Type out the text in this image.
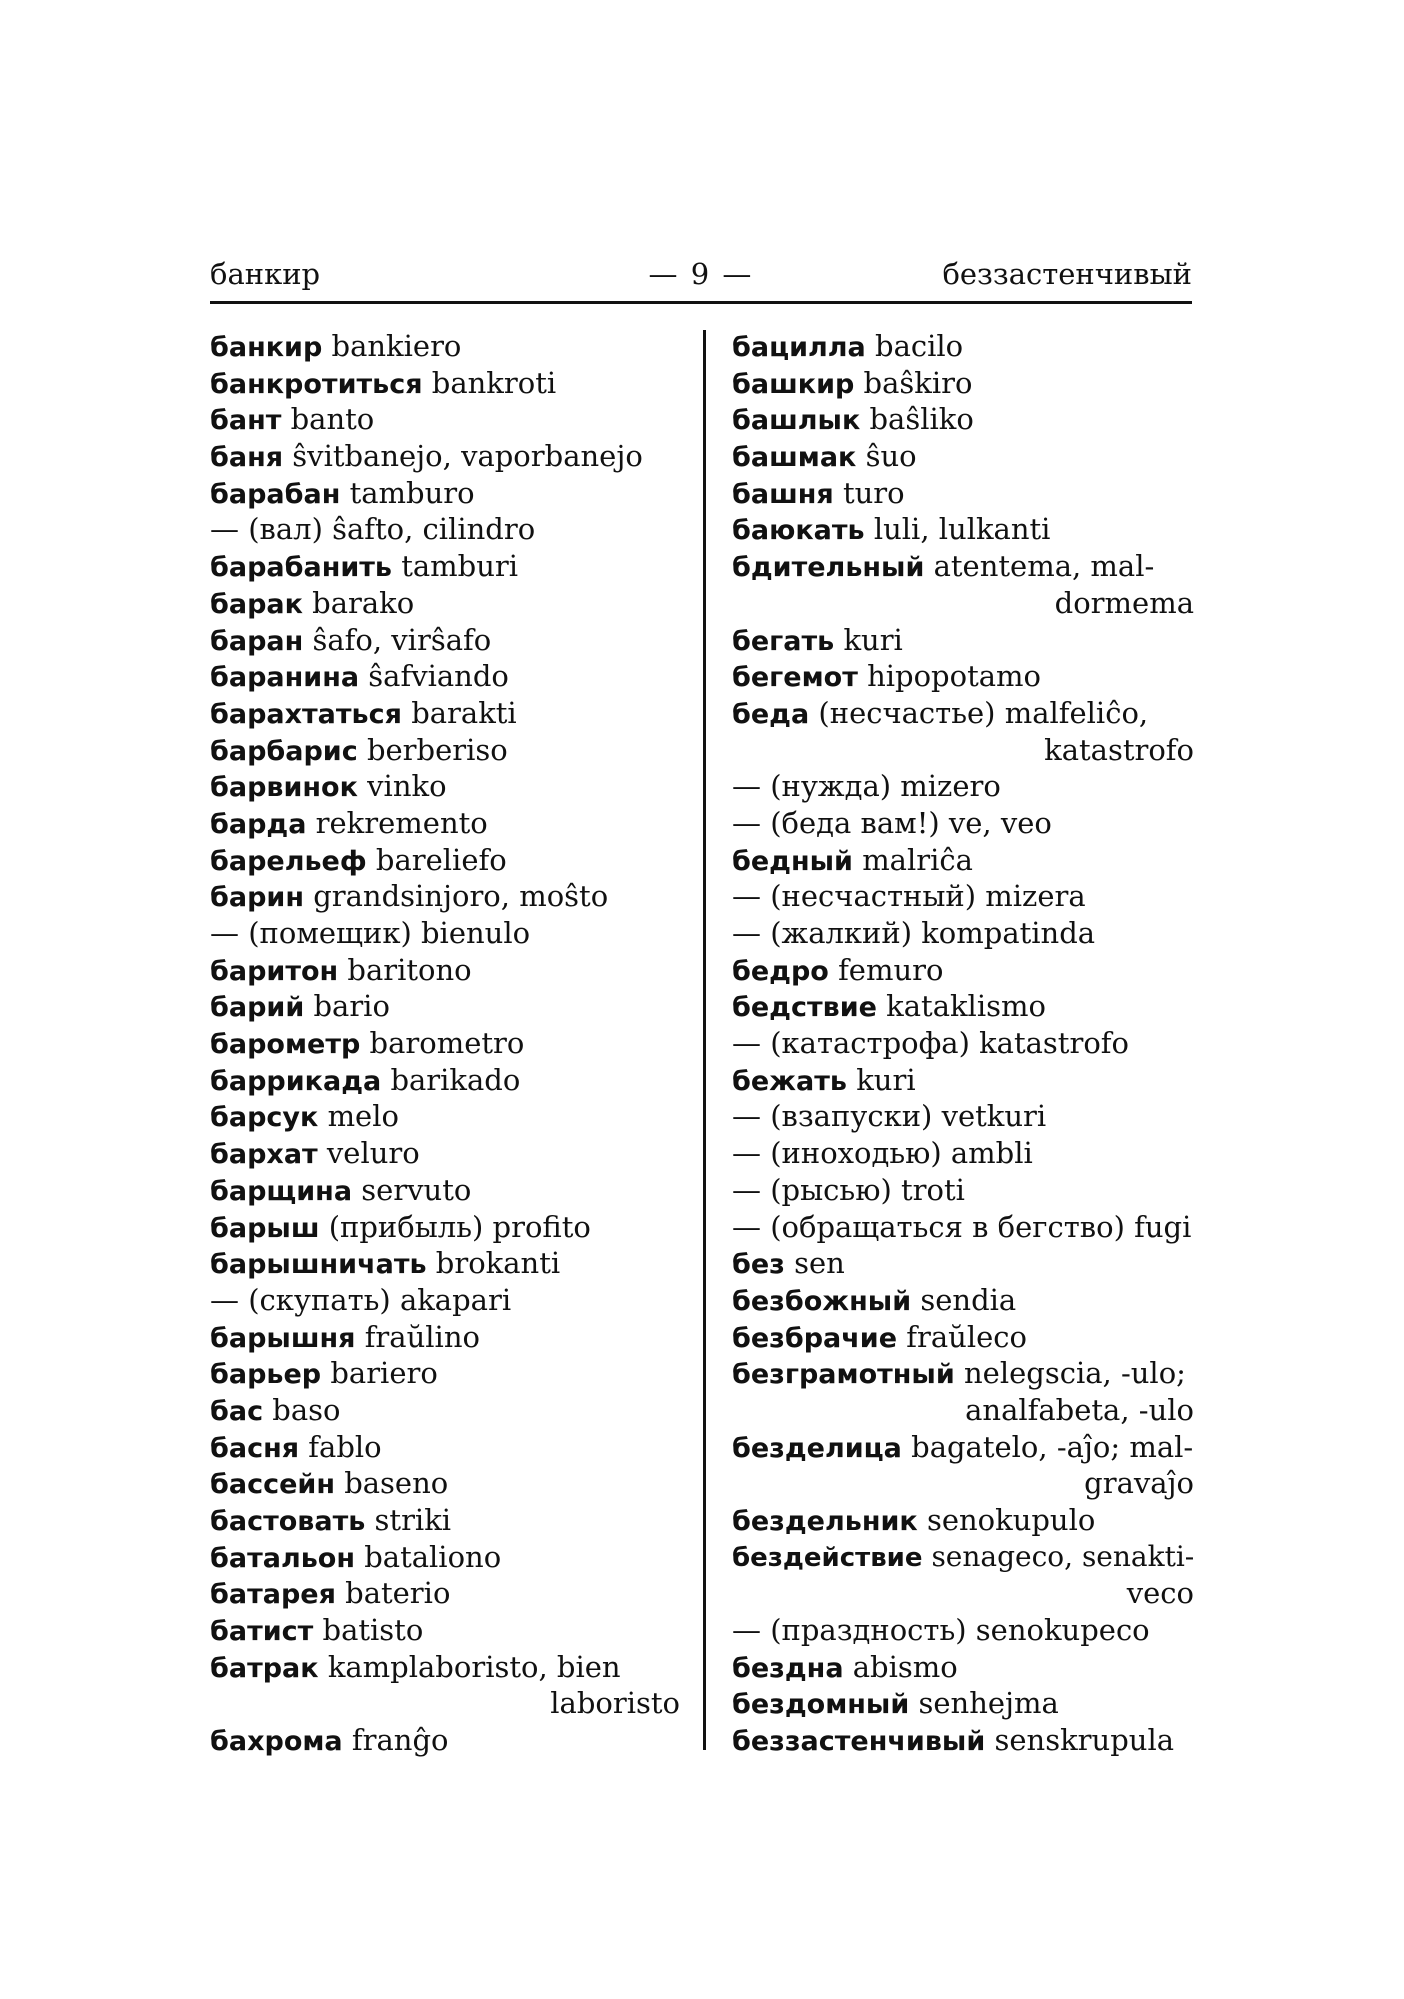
банкир	— 9 —	беззастенчивый
банкир bankiero
банкротиться bankroti
бант banto
баня ŝvitbanejo, vaporbanejo
барабан tamburo
— (вал) ŝafto, cilindro
барабанить tamburi
барак barako
баран ŝafo, virŝafo
баранина ŝafviando
барахтаться barakti
барбарис berberiso
барвинок vinko
барда rekremento
барельеф bareliefo
барин grandsinjoro, moŝto
— (помещик) bienulo
баритон baritono
барий bario
барометр barometro
баррикада barikado
барсук melo
бархат veluro
барщина servuto
барыш (прибыль) profito
барышничать brokanti
— (скупать) akapari
барышня fraŭlino
барьер bariero
бас baso
басня fablo
бассейн baseno
бастовать striki
батальон bataliono
батарея baterio
батист batisto
батрак kamplaboristo, bien
laboristo
бахрома franĝo
бацилла bacilo
башкир baŝkiro
башлык baŝliko
башмак ŝuo
башня turo
баюкать luli, lulkanti
бдительный atentema, mal-
dormema
бегать kuri
бегемот hipopotamo
беда (несчастье) malfeliĉo,
katastrofo
— (нужда) mizero
— (беда вам!) ve, veo
бедный malriĉa
— (несчастный) mizera
— (жалкий) kompatinda
бедро femuro
бедствие kataklismo
— (катастрофа) katastrofo
бежать kuri
— (взапуски) vetkuri
— (иноходью) ambli
— (рысью) troti
— (обращаться в бегство) fugi
без sen
безбожный sendia
безбрачие fraŭleco
безграмотный nelegscia, -ulo;
analfabeta, -ulo
безделица bagatelo, -aĵo; mal-
gravaĵo
бездельник senokupulo
бездействие senageco, senakti-
veco
— (праздность) senokupeco
бездна abismo
бездомный senhejma
беззастенчивый senskrupula
